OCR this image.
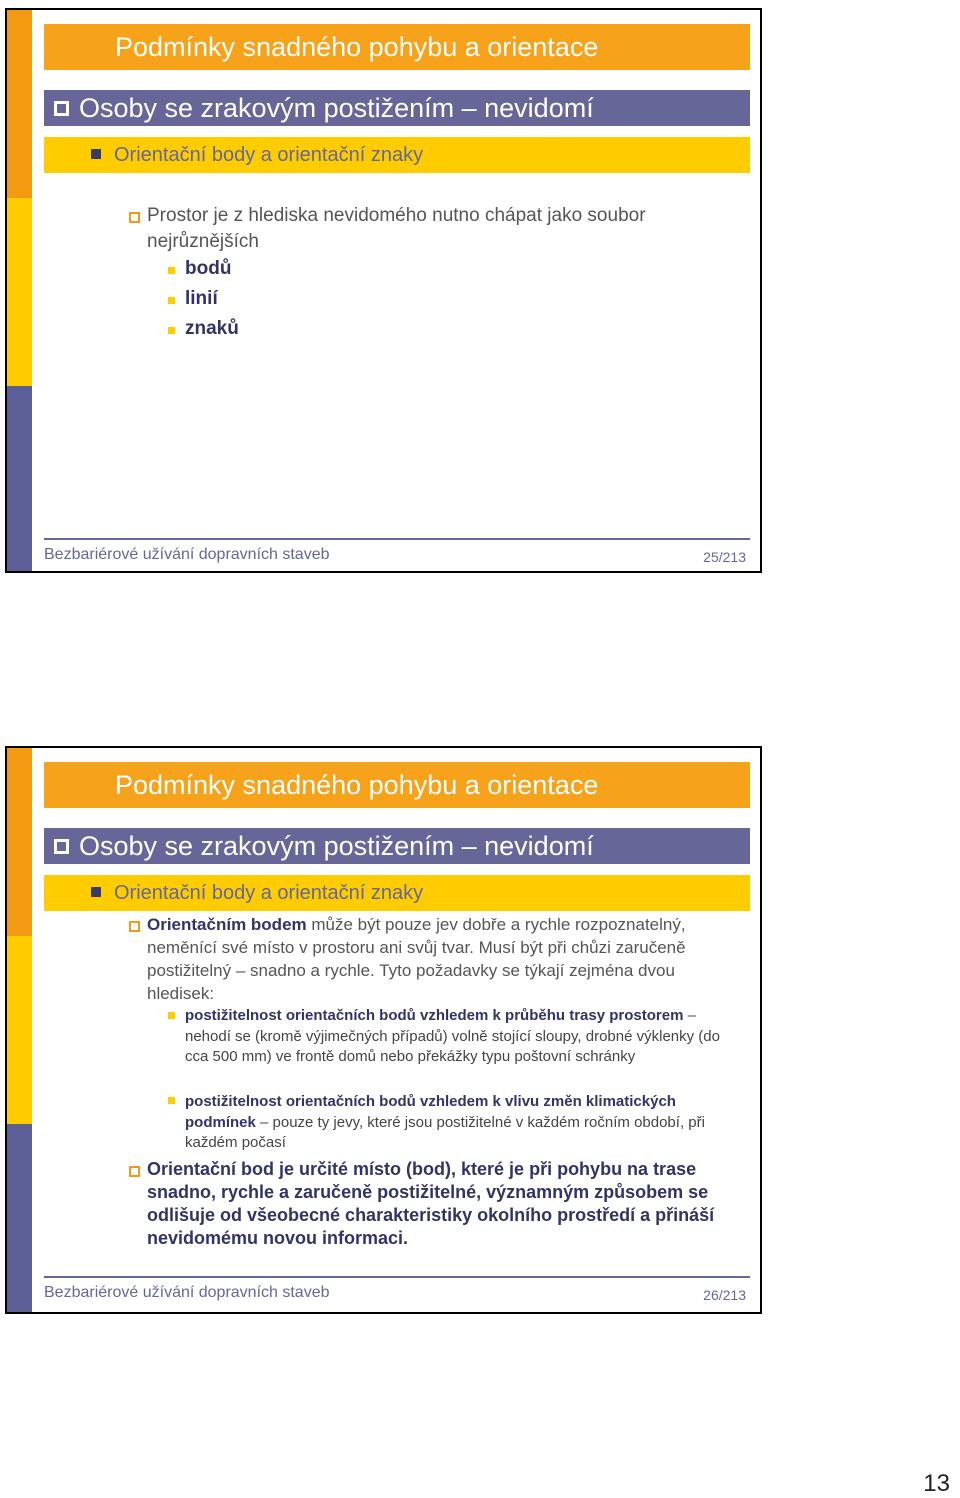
Podmínky snadného pohybu a orientace
Osoby se zrakovým postižením – nevidomí
Orientační body a orientační znaky
Prostor je z hlediska nevidomého nutno chápat jako soubor nejrůznějších
bodů
linií
znaků
Bezbariérové užívání dopravních staveb	25/213
Podmínky snadného pohybu a orientace
Osoby se zrakovým postižením – nevidomí
Orientační body a orientační znaky
Orientačním bodem může být pouze jev dobře a rychle rozpoznatelný, neměnící své místo v prostoru ani svůj tvar. Musí být při chůzi zaručeně postižitelný – snadno a rychle. Tyto požadavky se týkají zejména dvou hledisek:
postižitelnost orientačních bodů vzhledem k průběhu trasy prostorem – nehodí se (kromě výjimečných případů) volně stojící sloupy, drobné výklenky (do cca 500 mm) ve frontě domů nebo překážky typu poštovní schránky
postižitelnost orientačních bodů vzhledem k vlivu změn klimatických podmínek – pouze ty jevy, které jsou postižitelné v každém ročním období, při každém počasí
Orientační bod je určité místo (bod), které je při pohybu na trase snadno, rychle a zaručeně postižitelné, významným způsobem se odlišuje od všeobecné charakteristiky okolního prostředí a přináší nevidomému novou informaci.
Bezbariérové užívání dopravních staveb	26/213
13
